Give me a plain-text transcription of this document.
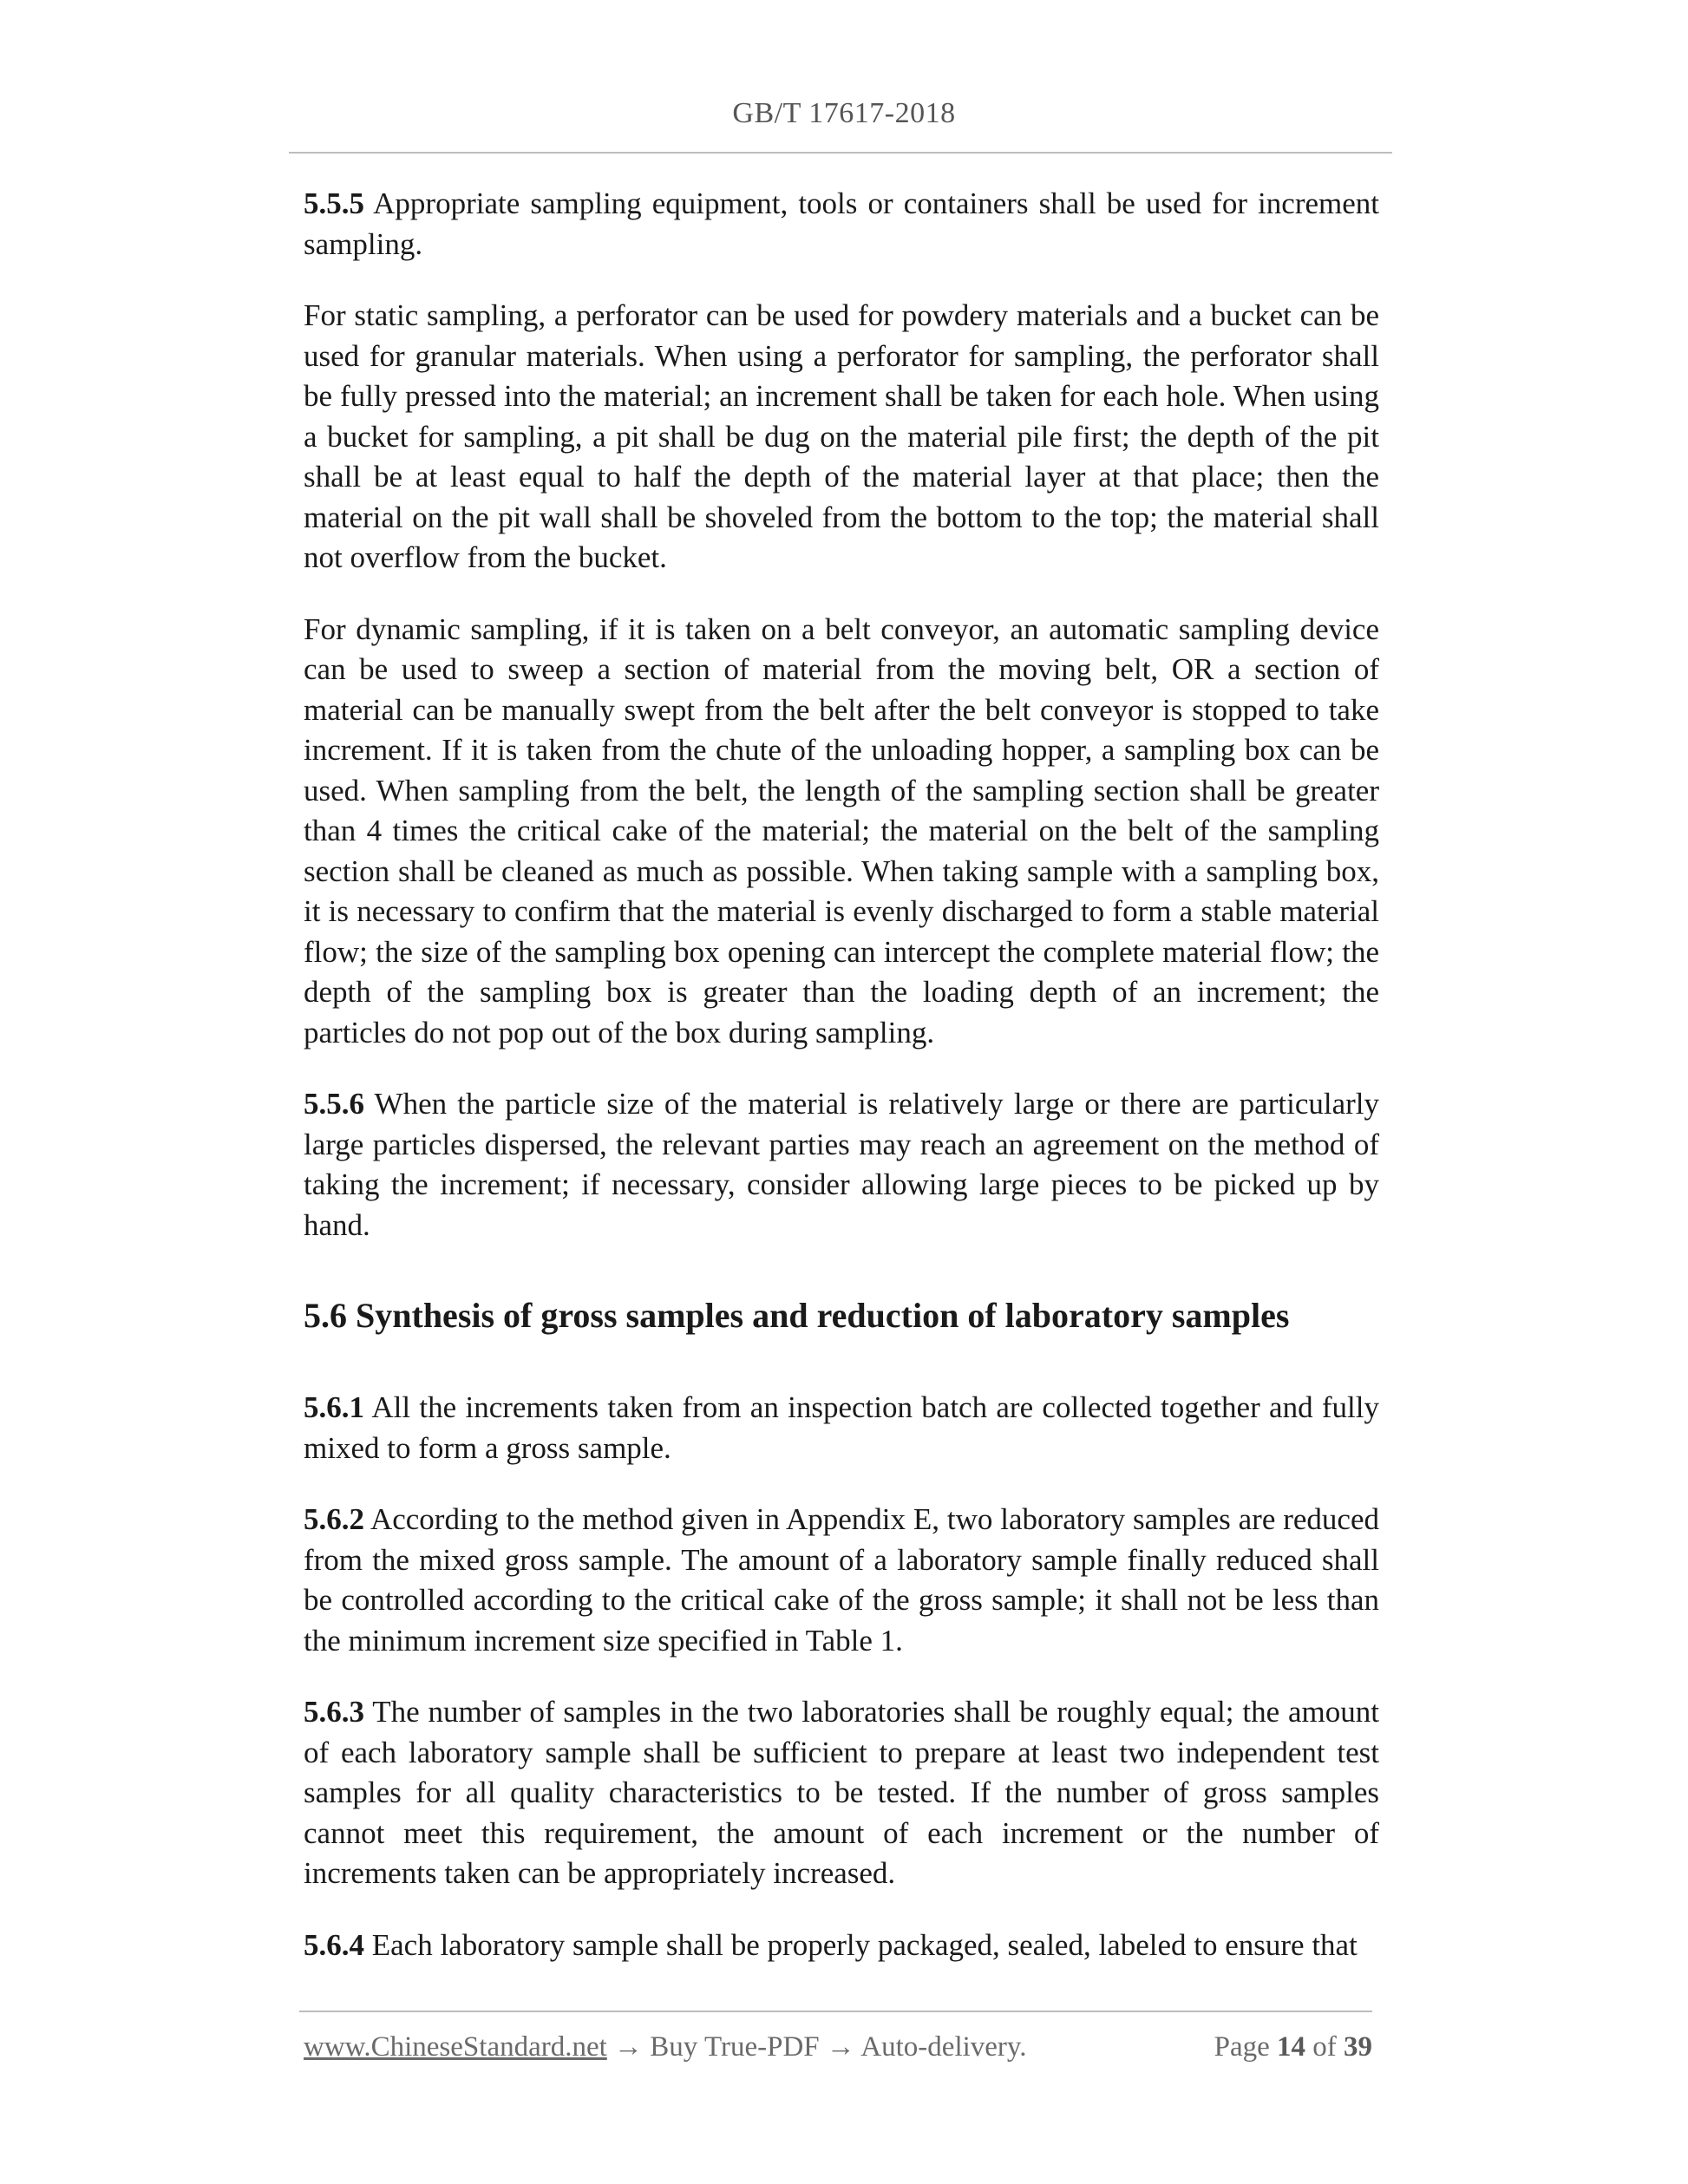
GB/T 17617-2018

5.5.5 Appropriate sampling equipment, tools or containers shall be used for increment sampling.

For static sampling, a perforator can be used for powdery materials and a bucket can be used for granular materials. When using a perforator for sampling, the perforator shall be fully pressed into the material; an increment shall be taken for each hole. When using a bucket for sampling, a pit shall be dug on the material pile first; the depth of the pit shall be at least equal to half the depth of the material layer at that place; then the material on the pit wall shall be shoveled from the bottom to the top; the material shall not overflow from the bucket.

For dynamic sampling, if it is taken on a belt conveyor, an automatic sampling device can be used to sweep a section of material from the moving belt, OR a section of material can be manually swept from the belt after the belt conveyor is stopped to take increment. If it is taken from the chute of the unloading hopper, a sampling box can be used. When sampling from the belt, the length of the sampling section shall be greater than 4 times the critical cake of the material; the material on the belt of the sampling section shall be cleaned as much as possible. When taking sample with a sampling box, it is necessary to confirm that the material is evenly discharged to form a stable material flow; the size of the sampling box opening can intercept the complete material flow; the depth of the sampling box is greater than the loading depth of an increment; the particles do not pop out of the box during sampling.

5.5.6 When the particle size of the material is relatively large or there are particularly large particles dispersed, the relevant parties may reach an agreement on the method of taking the increment; if necessary, consider allowing large pieces to be picked up by hand.

5.6 Synthesis of gross samples and reduction of laboratory samples

5.6.1 All the increments taken from an inspection batch are collected together and fully mixed to form a gross sample.

5.6.2 According to the method given in Appendix E, two laboratory samples are reduced from the mixed gross sample. The amount of a laboratory sample finally reduced shall be controlled according to the critical cake of the gross sample; it shall not be less than the minimum increment size specified in Table 1.

5.6.3 The number of samples in the two laboratories shall be roughly equal; the amount of each laboratory sample shall be sufficient to prepare at least two independent test samples for all quality characteristics to be tested. If the number of gross samples cannot meet this requirement, the amount of each increment or the number of increments taken can be appropriately increased.

5.6.4 Each laboratory sample shall be properly packaged, sealed, labeled to ensure that

www.ChineseStandard.net → Buy True-PDF → Auto-delivery.	Page 14 of 39
